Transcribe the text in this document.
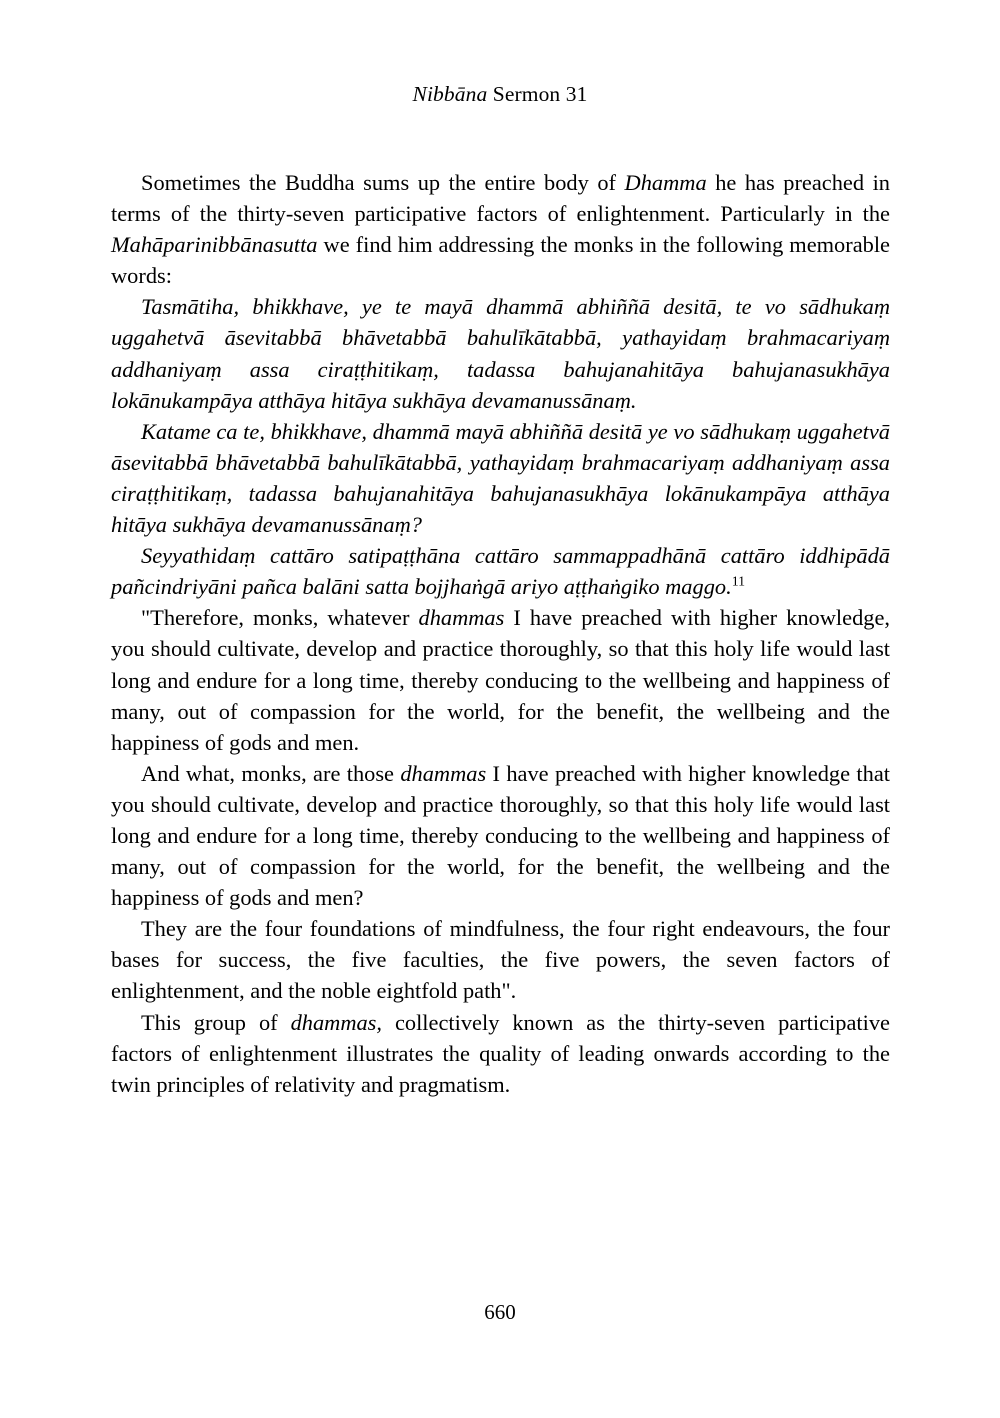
Nibbāna Sermon 31

Sometimes the Buddha sums up the entire body of Dhamma he has preached in terms of the thirty-seven participative factors of enlightenment. Particularly in the Mahāparinibbānasutta we find him addressing the monks in the following memorable words:

Tasmātiha, bhikkhave, ye te mayā dhammā abhiññā desitā, te vo sādhukaṃ uggahetvā āsevitabbā bhāvetabbā bahulīkātabbā, yathayidaṃ brahmacariyaṃ addhaniyaṃ assa ciraṭṭhitikaṃ, tadassa bahujanahitāya bahujanasukhāya lokānukampāya atthāya hitāya sukhāya devamanussānaṃ.

Katame ca te, bhikkhave, dhammā mayā abhiññā desitā ye vo sādhukaṃ uggahetvā āsevitabbā bhāvetabbā bahulīkātabbā, yathayidaṃ brahmacariyaṃ addhaniyaṃ assa ciraṭṭhitikaṃ, tadassa bahujanahitāya bahujanasukhāya lokānukampāya atthāya hitāya sukhāya devamanussānaṃ?

Seyyathidaṃ cattāro satipaṭṭhāna cattāro sammappadhānā cattāro iddhipādā pañcindriyāni pañca balāni satta bojjhaṅgā ariyo aṭṭhaṅgiko maggo.$^{11}$

"Therefore, monks, whatever dhammas I have preached with higher knowledge, you should cultivate, develop and practice thoroughly, so that this holy life would last long and endure for a long time, thereby conducing to the wellbeing and happiness of many, out of compassion for the world, for the benefit, the wellbeing and the happiness of gods and men.

And what, monks, are those dhammas I have preached with higher knowledge that you should cultivate, develop and practice thoroughly, so that this holy life would last long and endure for a long time, thereby conducing to the wellbeing and happiness of many, out of compassion for the world, for the benefit, the wellbeing and the happiness of gods and men?

They are the four foundations of mindfulness, the four right endeavours, the four bases for success, the five faculties, the five powers, the seven factors of enlightenment, and the noble eightfold path".

This group of dhammas, collectively known as the thirty-seven participative factors of enlightenment illustrates the quality of leading onwards according to the twin principles of relativity and pragmatism.

660
